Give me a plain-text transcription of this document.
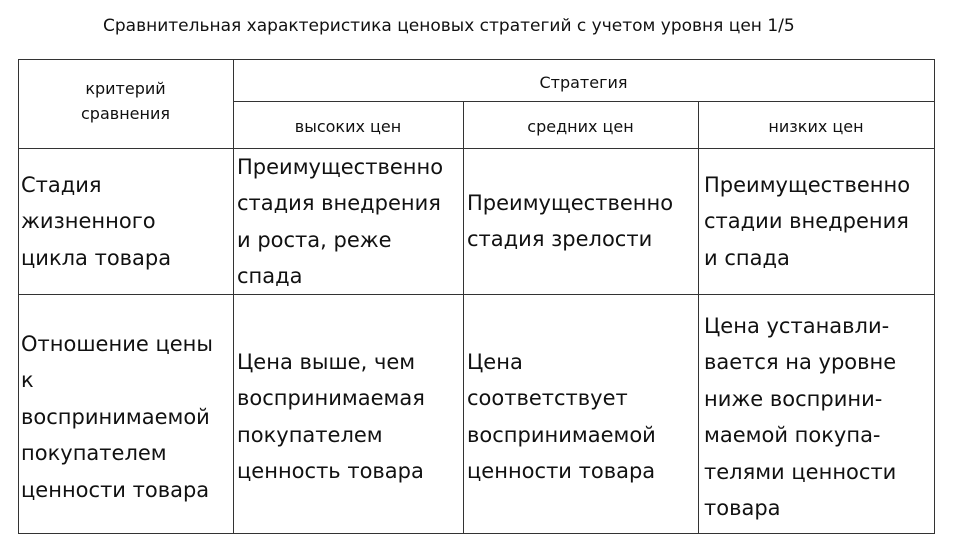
Сравнительная характеристика ценовых стратегий с учетом уровня цен 1/5
критерий
сравнения
Стратегия
высоких цен	средних цен	низких цен
Стадия
жизненного
цикла товара
Преимущественно
стадия внедрения
и роста, реже
спада
Преимущественно
стадия зрелости
Преимущественно
стадии внедрения
и спада
Отношение цены
к
воспринимаемой
покупателем
ценности товара
Цена выше, чем
воспринимаемая
покупателем
ценность товара
Цена
соответствует
воспринимаемой
ценности товара
Цена устанавли-
вается на уровне
ниже восприни-
маемой покупа-
телями ценности
товара
